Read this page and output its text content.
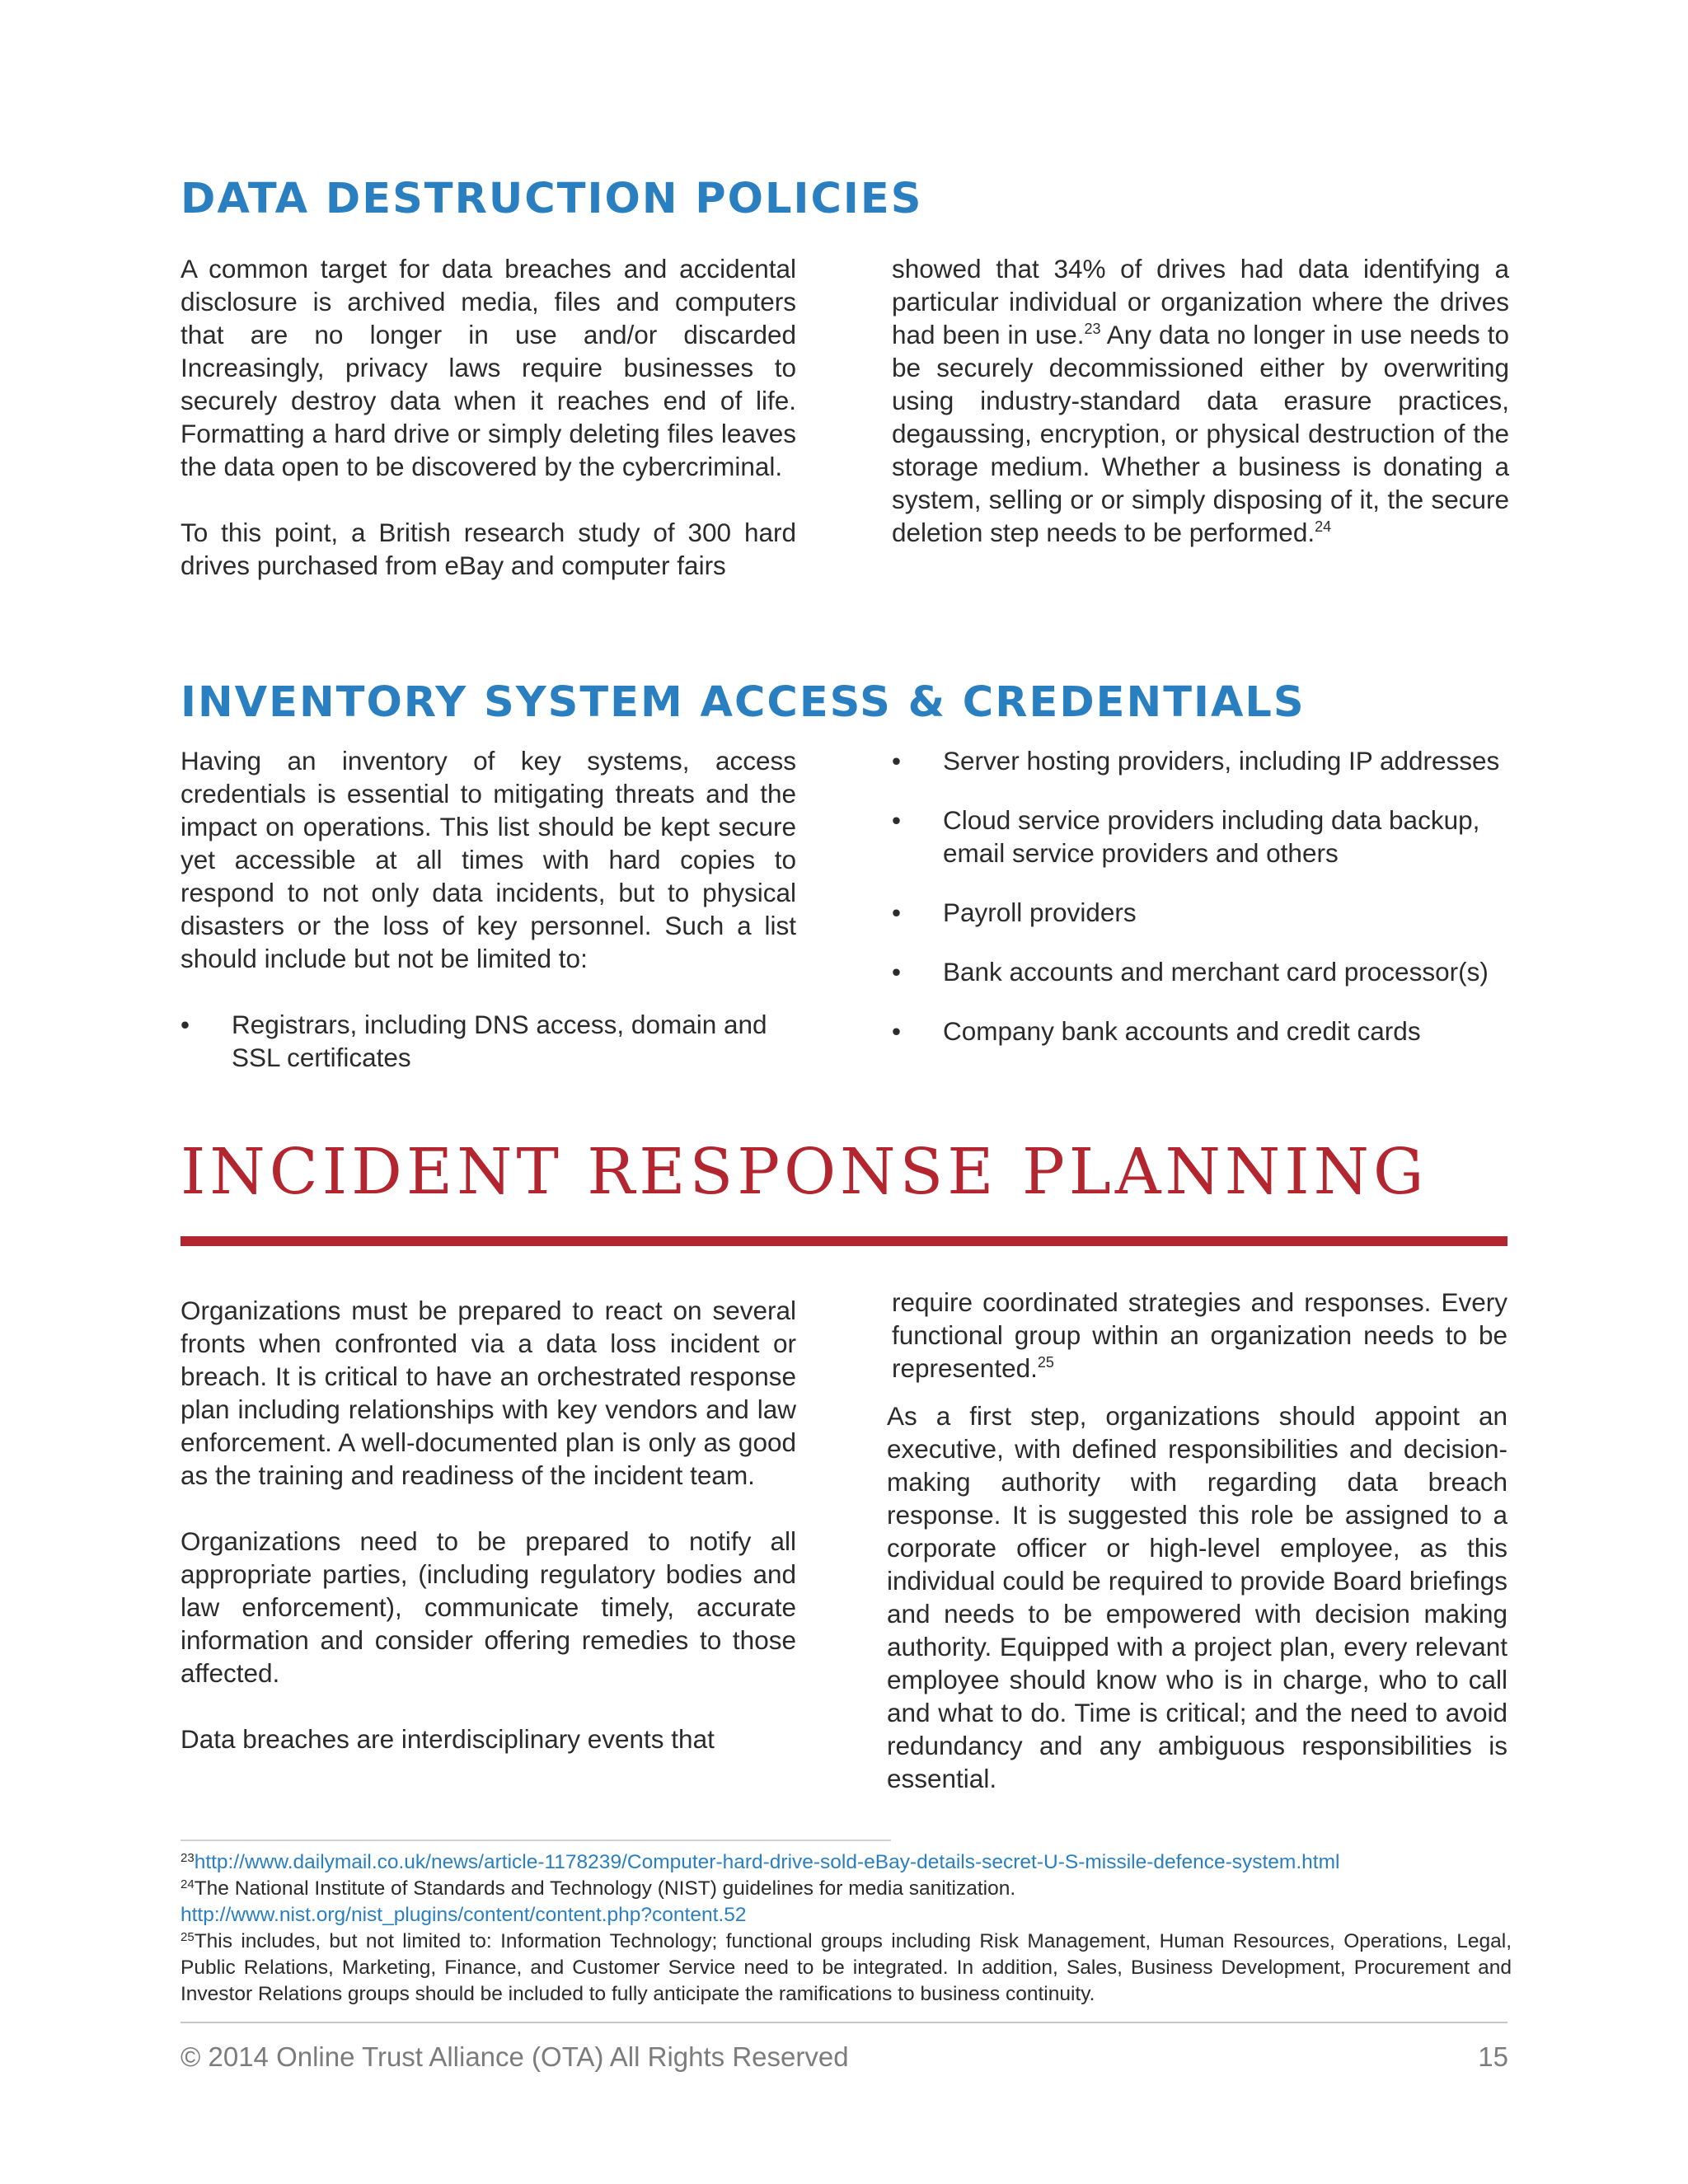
DATA DESTRUCTION POLICIES

A common target for data breaches and accidental disclosure is archived media, files and computers that are no longer in use and/or discarded Increasingly, privacy laws require businesses to securely destroy data when it reaches end of life. Formatting a hard drive or simply deleting files leaves the data open to be discovered by the cybercriminal.

To this point, a British research study of 300 hard drives purchased from eBay and computer fairs

showed that 34% of drives had data identifying a particular individual or organization where the drives had been in use.$^{23}$ Any data no longer in use needs to be securely decommissioned either by overwriting using industry-standard data erasure practices, degaussing, encryption, or physical destruction of the storage medium. Whether a business is donating a system, selling or or simply disposing of it, the secure deletion step needs to be performed.$^{24}$

INVENTORY SYSTEM ACCESS & CREDENTIALS

Having an inventory of key systems, access credentials is essential to mitigating threats and the impact on operations. This list should be kept secure yet accessible at all times with hard copies to respond to not only data incidents, but to physical disasters or the loss of key personnel. Such a list should include but not be limited to:

• Registrars, including DNS access, domain and SSL certificates
• Server hosting providers, including IP addresses
• Cloud service providers including data backup, email service providers and others
• Payroll providers
• Bank accounts and merchant card processor(s)
• Company bank accounts and credit cards
INCIDENT RESPONSE PLANNING

Organizations must be prepared to react on several fronts when confronted via a data loss incident or breach. It is critical to have an orchestrated response plan including relationships with key vendors and law enforcement. A well-documented plan is only as good as the training and readiness of the incident team.

Organizations need to be prepared to notify all appropriate parties, (including regulatory bodies and law enforcement), communicate timely, accurate information and consider offering remedies to those affected.

Data breaches are interdisciplinary events that

require coordinated strategies and responses. Every functional group within an organization needs to be represented.$^{25}$

As a first step, organizations should appoint an executive, with defined responsibilities and decision-making authority with regarding data breach response. It is suggested this role be assigned to a corporate officer or high-level employee, as this individual could be required to provide Board briefings and needs to be empowered with decision making authority. Equipped with a project plan, every relevant employee should know who is in charge, who to call and what to do. Time is critical; and the need to avoid redundancy and any ambiguous responsibilities is essential.

$^{23}$http://www.dailymail.co.uk/news/article-1178239/Computer-hard-drive-sold-eBay-details-secret-U-S-missile-defence-system.html

$^{24}$The National Institute of Standards and Technology (NIST) guidelines for media sanitization.

http://www.nist.org/nist_plugins/content/content.php?content.52

$^{25}$This includes, but not limited to: Information Technology; functional groups including Risk Management, Human Resources, Operations, Legal, Public Relations, Marketing, Finance, and Customer Service need to be integrated. In addition, Sales, Business Development, Procurement and Investor Relations groups should be included to fully anticipate the ramifications to business continuity.

© 2014 Online Trust Alliance (OTA) All Rights Reserved	15
